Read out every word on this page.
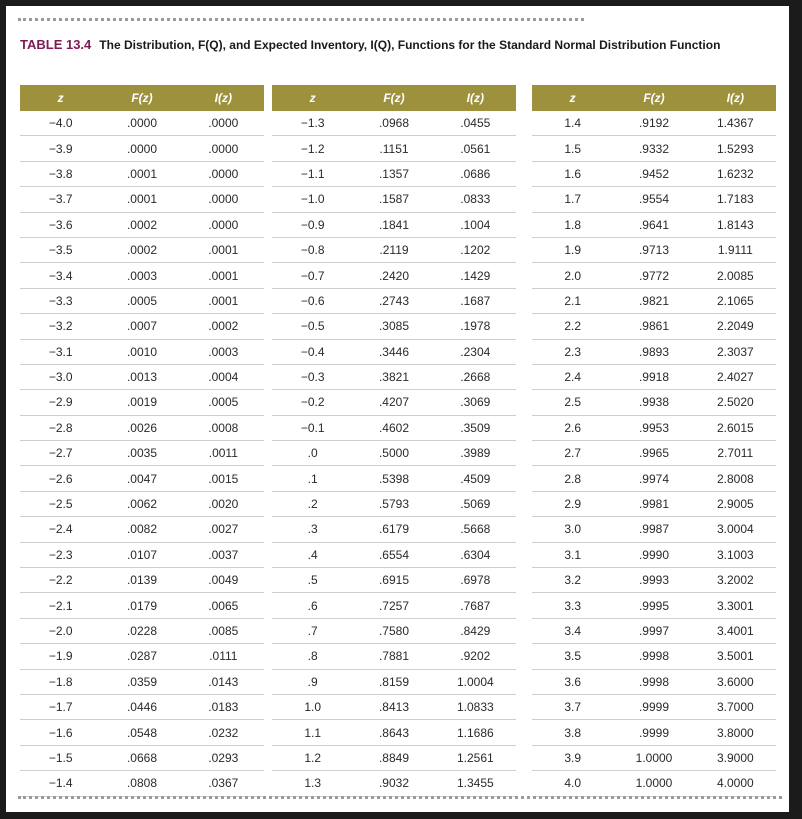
TABLE 13.4 The Distribution, F(Q), and Expected Inventory, I(Q), Functions for the Standard Normal Distribution Function
z	F(z)	I(z)
−4.0	.0000	.0000
−3.9	.0000	.0000
−3.8	.0001	.0000
−3.7	.0001	.0000
−3.6	.0002	.0000
−3.5	.0002	.0001
−3.4	.0003	.0001
−3.3	.0005	.0001
−3.2	.0007	.0002
−3.1	.0010	.0003
−3.0	.0013	.0004
−2.9	.0019	.0005
−2.8	.0026	.0008
−2.7	.0035	.0011
−2.6	.0047	.0015
−2.5	.0062	.0020
−2.4	.0082	.0027
−2.3	.0107	.0037
−2.2	.0139	.0049
−2.1	.0179	.0065
−2.0	.0228	.0085
−1.9	.0287	.0111
−1.8	.0359	.0143
−1.7	.0446	.0183
−1.6	.0548	.0232
−1.5	.0668	.0293
−1.4	.0808	.0367
z	F(z)	I(z)
−1.3	.0968	.0455
−1.2	.1151	.0561
−1.1	.1357	.0686
−1.0	.1587	.0833
−0.9	.1841	.1004
−0.8	.2119	.1202
−0.7	.2420	.1429
−0.6	.2743	.1687
−0.5	.3085	.1978
−0.4	.3446	.2304
−0.3	.3821	.2668
−0.2	.4207	.3069
−0.1	.4602	.3509
.0	.5000	.3989
.1	.5398	.4509
.2	.5793	.5069
.3	.6179	.5668
.4	.6554	.6304
.5	.6915	.6978
.6	.7257	.7687
.7	.7580	.8429
.8	.7881	.9202
.9	.8159	1.0004
1.0	.8413	1.0833
1.1	.8643	1.1686
1.2	.8849	1.2561
1.3	.9032	1.3455
z	F(z)	I(z)
1.4	.9192	1.4367
1.5	.9332	1.5293
1.6	.9452	1.6232
1.7	.9554	1.7183
1.8	.9641	1.8143
1.9	.9713	1.9111
2.0	.9772	2.0085
2.1	.9821	2.1065
2.2	.9861	2.2049
2.3	.9893	2.3037
2.4	.9918	2.4027
2.5	.9938	2.5020
2.6	.9953	2.6015
2.7	.9965	2.7011
2.8	.9974	2.8008
2.9	.9981	2.9005
3.0	.9987	3.0004
3.1	.9990	3.1003
3.2	.9993	3.2002
3.3	.9995	3.3001
3.4	.9997	3.4001
3.5	.9998	3.5001
3.6	.9998	3.6000
3.7	.9999	3.7000
3.8	.9999	3.8000
3.9	1.0000	3.9000
4.0	1.0000	4.0000
